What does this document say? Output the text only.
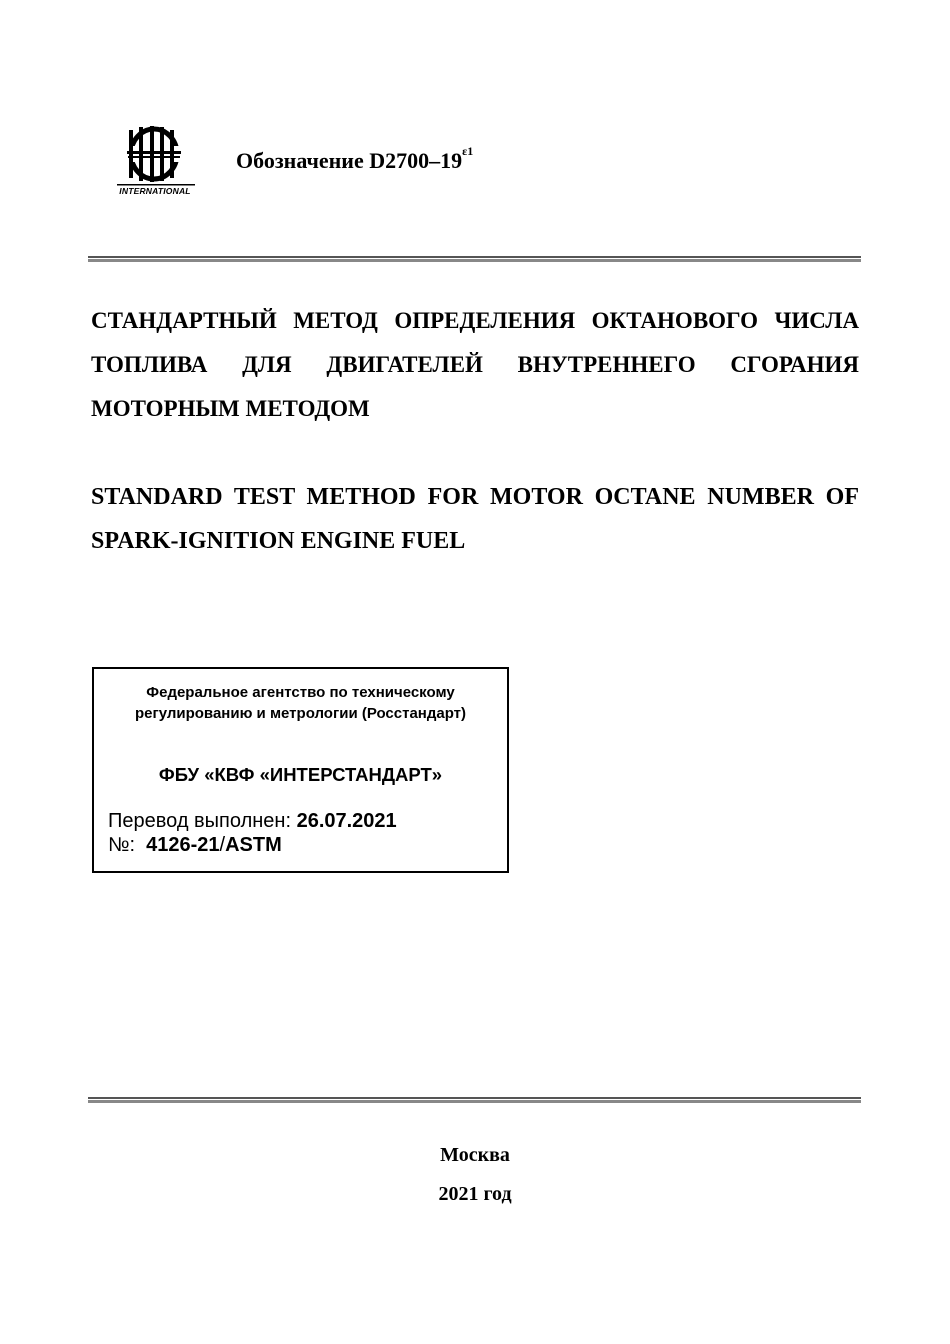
INTERNATIONAL
Обозначение $D2700-19^{\varepsilon 1}$
СТАНДАРТНЫЙ МЕТОД ОПРЕДЕЛЕНИЯ ОКТАНОВОГО ЧИСЛА ТОПЛИВА ДЛЯ ДВИГАТЕЛЕЙ ВНУТРЕННЕГО СГОРАНИЯ МОТОРНЫМ МЕТОДОМ
STANDARD TEST METHOD FOR MOTOR OCTANE NUMBER OF SPARK-IGNITION ENGINE FUEL

Федеральное агентство по техническому регулированию и метрологии (Росстандарт)

ФБУ «КВФ «ИНТЕРСТАНДАРТ»
Перевод выполнен: 26.07.2021
№:  4126-21/ASTM
Москва
2021 год
